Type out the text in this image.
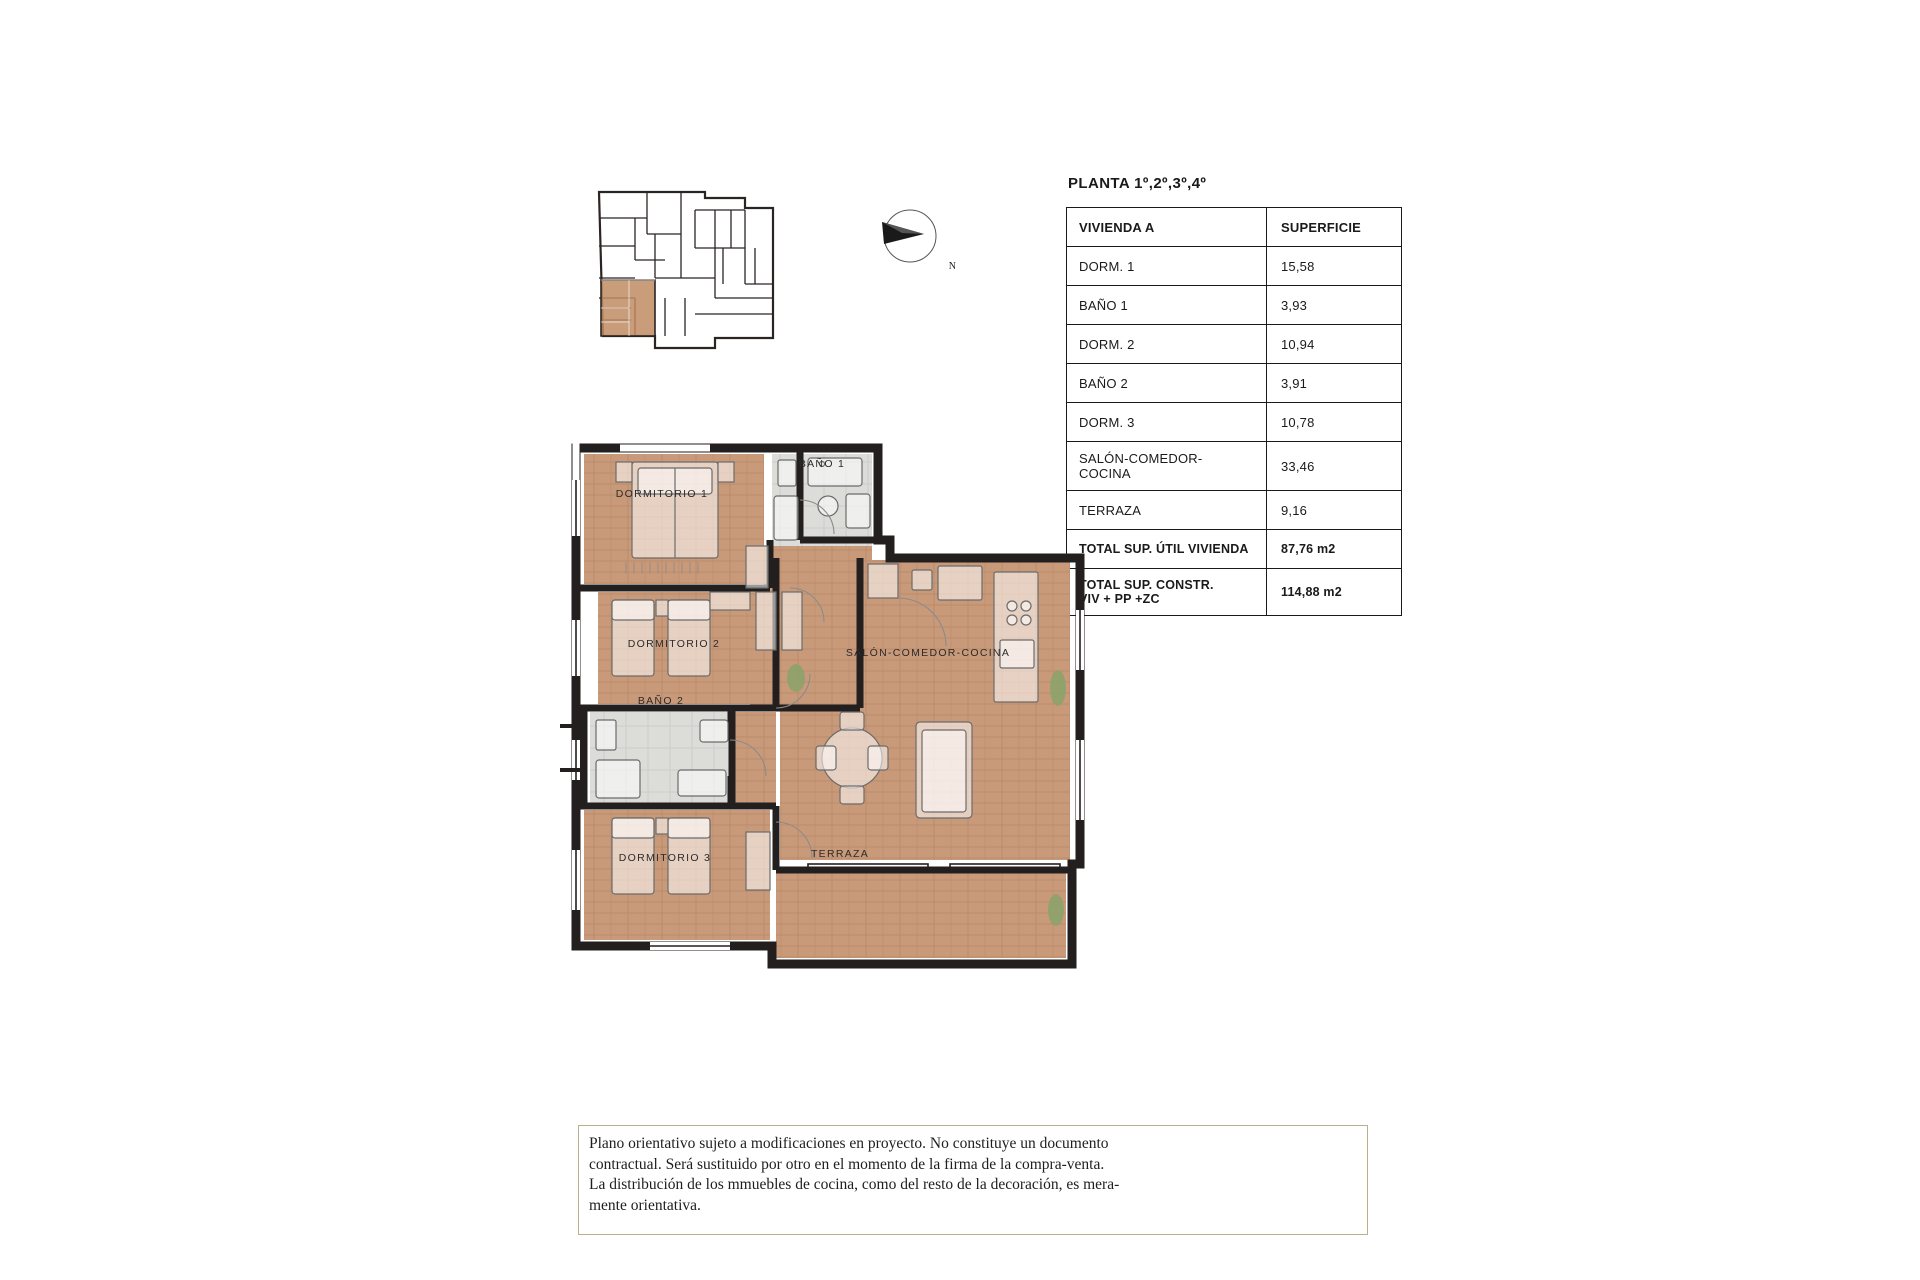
N
PLANTA 1º,2º,3º,4º
VIVIENDA A	SUPERFICIE
DORM. 1	15,58
BAÑO 1	3,93
DORM. 2	10,94
BAÑO 2	3,91
DORM. 3	10,78
SALÓN-COMEDOR-COCINA	33,46
TERRAZA	9,16
TOTAL SUP. ÚTIL VIVIENDA	87,76 m2

TOTAL SUP. CONSTR.
VIV + PP +ZC	114,88 m2
DORMITORIO 1
BAÑO 1
DORMITORIO 2
BAÑO 2
DORMITORIO 3
SALÓN-COMEDOR-COCINA
TERRAZA

Plano orientativo sujeto a modificaciones en proyecto. No constituye un documento

contractual. Será sustituido por otro en el momento de la firma de la compra-venta.

La distribución de los mmuebles de cocina, como del resto de la decoración, es mera-

mente orientativa.
